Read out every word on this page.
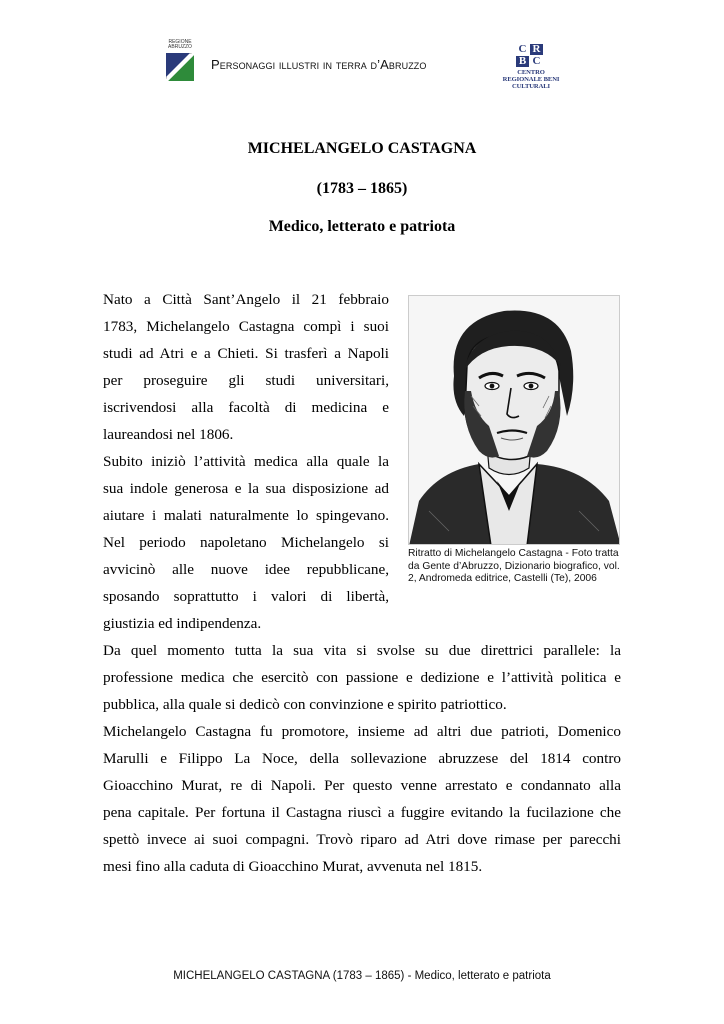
REGIONE ABRUZZO
Personaggi illustri in terra d’Abruzzo
C R
B C
CENTRO REGIONALE BENI CULTURALI
MICHELANGELO CASTAGNA
(1783 – 1865)
Medico, letterato e patriota
Nato a Città Sant’Angelo il 21 febbraio
1783, Michelangelo Castagna compì i suoi
studi ad Atri e a Chieti. Si trasferì a Napoli
per proseguire gli studi universitari,
iscrivendosi alla facoltà di medicina e
laureandosi nel 1806.
Subito iniziò l’attività medica alla quale la
sua indole generosa e la sua disposizione ad
aiutare i malati naturalmente lo spingevano.
Nel periodo napoletano Michelangelo si
avvicinò alle nuove idee repubblicane,
sposando soprattutto i valori di libertà,
giustizia ed indipendenza.
Da quel momento tutta la sua vita si svolse su due direttrici parallele: la
professione medica che esercitò con passione e dedizione e l’attività politica e
pubblica, alla quale si dedicò con convinzione e spirito patriottico.
Michelangelo Castagna fu promotore, insieme ad altri due patrioti, Domenico
Marulli e Filippo La Noce, della sollevazione abruzzese del 1814 contro
Gioacchino Murat, re di Napoli. Per questo venne arrestato e condannato alla
pena capitale. Per fortuna il Castagna riuscì a fuggire evitando la fucilazione che
spettò invece ai suoi compagni. Trovò riparo ad Atri dove rimase per parecchi
mesi fino alla caduta di Gioacchino Murat, avvenuta nel 1815.
Ritratto di Michelangelo Castagna - Foto tratta da Gente d’Abruzzo, Dizionario biografico, vol. 2, Andromeda editrice, Castelli (Te), 2006
MICHELANGELO CASTAGNA (1783 – 1865) - Medico, letterato e patriota
